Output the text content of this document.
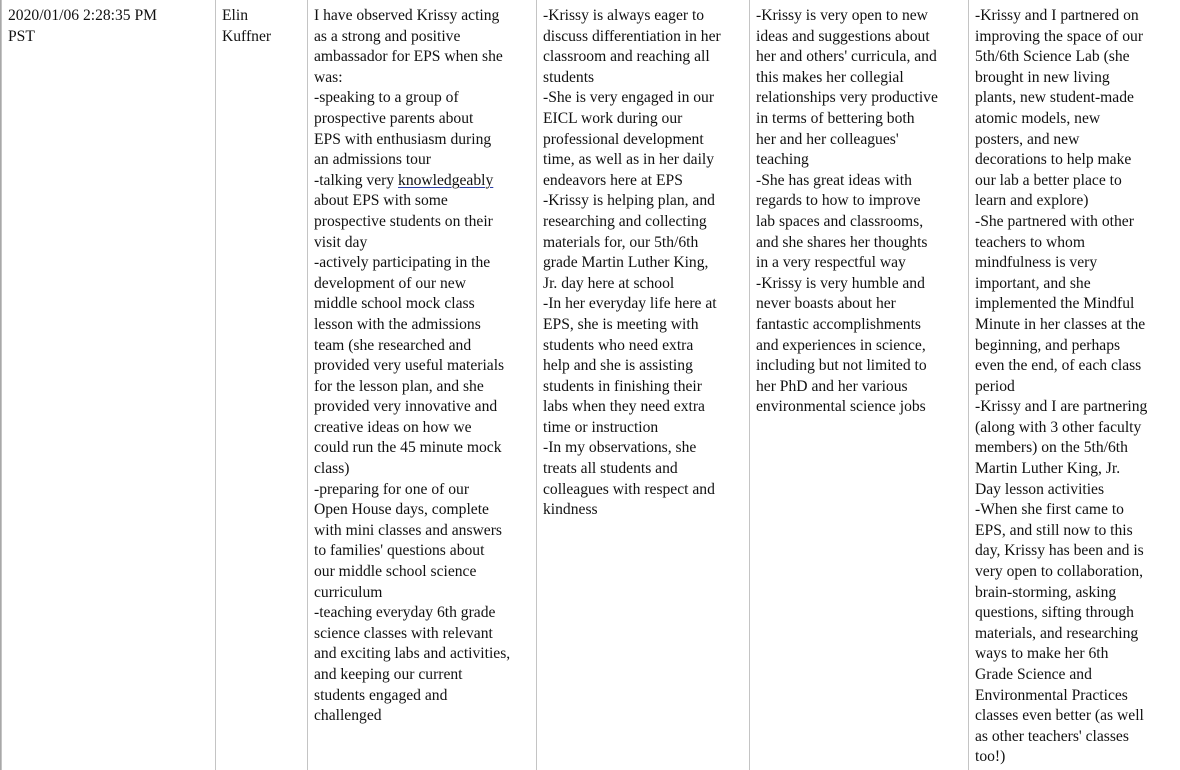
2020/01/06 2:28:35 PM
PST

Elin
Kuffner

I have observed Krissy acting
as a strong and positive
ambassador for EPS when she
was:
-speaking to a group of
prospective parents about
EPS with enthusiasm during
an admissions tour
-talking very knowledgeably
about EPS with some
prospective students on their
visit day
-actively participating in the
development of our new
middle school mock class
lesson with the admissions
team (she researched and
provided very useful materials
for the lesson plan, and she
provided very innovative and
creative ideas on how we
could run the 45 minute mock
class)
-preparing for one of our
Open House days, complete
with mini classes and answers
to families' questions about
our middle school science
curriculum
-teaching everyday 6th grade
science classes with relevant
and exciting labs and activities,
and keeping our current
students engaged and
challenged

-Krissy is always eager to
discuss differentiation in her
classroom and reaching all
students
-She is very engaged in our
EICL work during our
professional development
time, as well as in her daily
endeavors here at EPS
-Krissy is helping plan, and
researching and collecting
materials for, our 5th/6th
grade Martin Luther King,
Jr. day here at school
-In her everyday life here at
EPS, she is meeting with
students who need extra
help and she is assisting
students in finishing their
labs when they need extra
time or instruction
-In my observations, she
treats all students and
colleagues with respect and
kindness

-Krissy is very open to new
ideas and suggestions about
her and others' curricula, and
this makes her collegial
relationships very productive
in terms of bettering both
her and her colleagues'
teaching
-She has great ideas with
regards to how to improve
lab spaces and classrooms,
and she shares her thoughts
in a very respectful way
-Krissy is very humble and
never boasts about her
fantastic accomplishments
and experiences in science,
including but not limited to
her PhD and her various
environmental science jobs

-Krissy and I partnered on
improving the space of our
5th/6th Science Lab (she
brought in new living
plants, new student-made
atomic models, new
posters, and new
decorations to help make
our lab a better place to
learn and explore)
-She partnered with other
teachers to whom
mindfulness is very
important, and she
implemented the Mindful
Minute in her classes at the
beginning, and perhaps
even the end, of each class
period
-Krissy and I are partnering
(along with 3 other faculty
members) on the 5th/6th
Martin Luther King, Jr.
Day lesson activities
-When she first came to
EPS, and still now to this
day, Krissy has been and is
very open to collaboration,
brain-storming, asking
questions, sifting through
materials, and researching
ways to make her 6th
Grade Science and
Environmental Practices
classes even better (as well
as other teachers' classes
too!)
